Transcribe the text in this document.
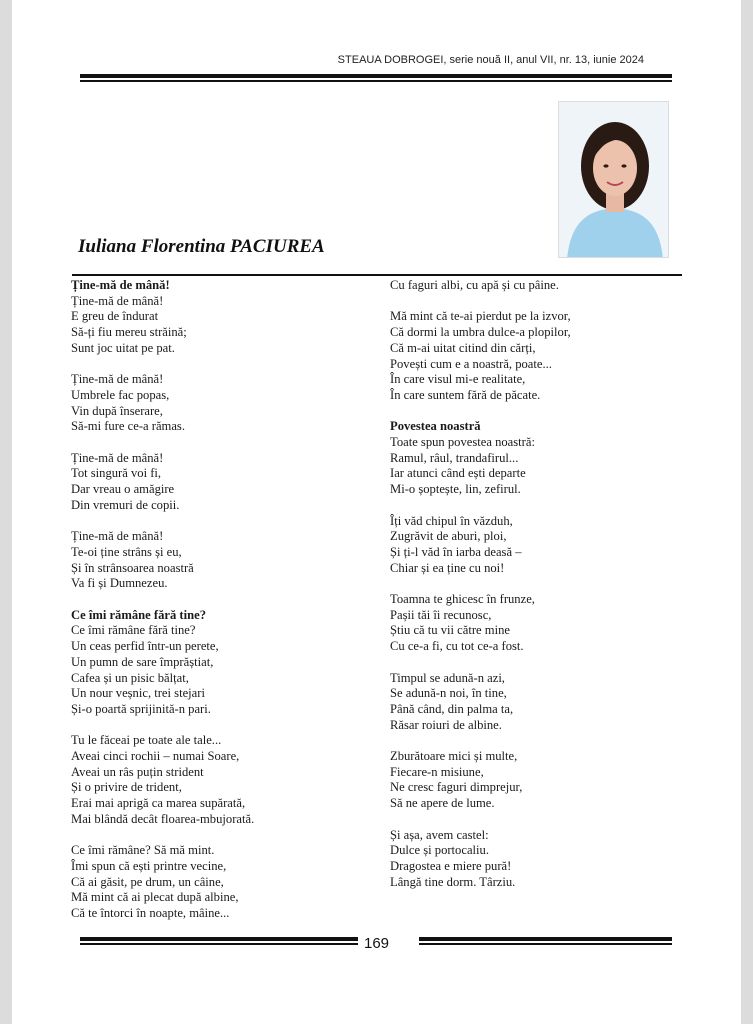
STEAUA DOBROGEI, serie nouă II, anul VII, nr. 13, iunie 2024
Iuliana Florentina PACIUREA
Ține-mă de mână!
Ține-mă de mână!
E greu de îndurat
Să-ți fiu mereu străină;
Sunt joc uitat pe pat.
Ține-mă de mână!
Umbrele fac popas,
Vin după înserare,
Să-mi fure ce-a rămas.
Ține-mă de mână!
Tot singură voi fi,
Dar vreau o amăgire
Din vremuri de copii.
Ține-mă de mână!
Te-oi ține strâns și eu,
Și în strânsoarea noastră
Va fi și Dumnezeu.
Ce îmi rămâne fără tine?
Ce îmi rămâne fără tine?
Un ceas perfid într-un perete,
Un pumn de sare împrăștiat,
Cafea și un pisic bălțat,
Un nour veșnic, trei stejari
Și-o poartă sprijinită-n pari.
Tu le făceai pe toate ale tale...
Aveai cinci rochii – numai Soare,
Aveai un râs puțin strident
Și o privire de trident,
Erai mai aprigă ca marea supărată,
Mai blândă decât floarea-mbujorată.
Ce îmi rămâne? Să mă mint.
Îmi spun că ești printre vecine,
Că ai găsit, pe drum, un câine,
Mă mint că ai plecat după albine,
Că te întorci în noapte, mâine...
Cu faguri albi, cu apă și cu pâine.
Mă mint că te-ai pierdut pe la izvor,
Că dormi la umbra dulce-a plopilor,
Că m-ai uitat citind din cărți,
Povești cum e a noastră, poate...
În care visul mi-e realitate,
În care suntem fără de păcate.
Povestea noastră
Toate spun povestea noastră:
Ramul, râul, trandafirul...
Iar atunci când ești departe
Mi-o șoptește, lin, zefirul.
Îți văd chipul în văzduh,
Zugrăvit de aburi, ploi,
Și ți-l văd în iarba deasă –
Chiar și ea ține cu noi!
Toamna te ghicesc în frunze,
Pașii tăi îi recunosc,
Știu că tu vii către mine
Cu ce-a fi, cu tot ce-a fost.
Timpul se adună-n azi,
Se adună-n noi, în tine,
Până când, din palma ta,
Răsar roiuri de albine.
Zburătoare mici și multe,
Fiecare-n misiune,
Ne cresc faguri dimprejur,
Să ne apere de lume.
Și așa, avem castel:
Dulce și portocaliu.
Dragostea e miere pură!
Lângă tine dorm. Târziu.
169
